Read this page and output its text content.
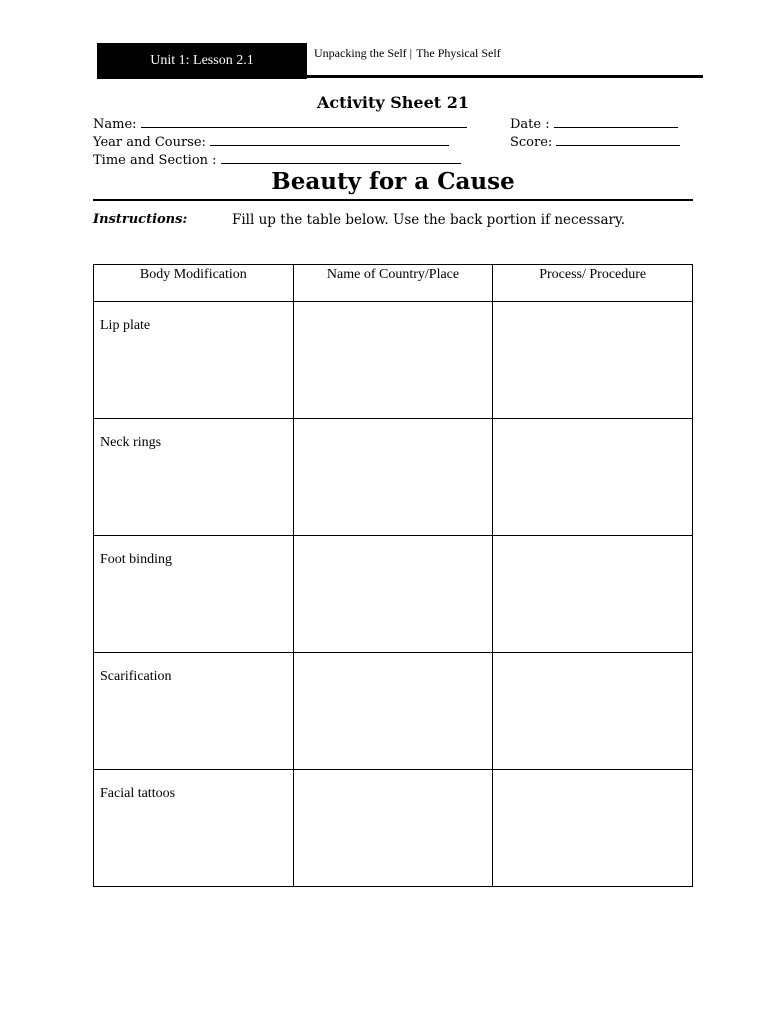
Unit 1: Lesson 2.1	Unpacking the Self | The Physical Self
Activity Sheet 21
Name:	Date :
Year and Course:	Score:
Time and Section :
Beauty for a Cause
Instructions:	Fill up the table below. Use the back portion if necessary.
Body Modification	Name of Country/Place	Process/ Procedure
Lip plate		
Neck rings		
Foot binding		
Scarification		
Facial tattoos		
